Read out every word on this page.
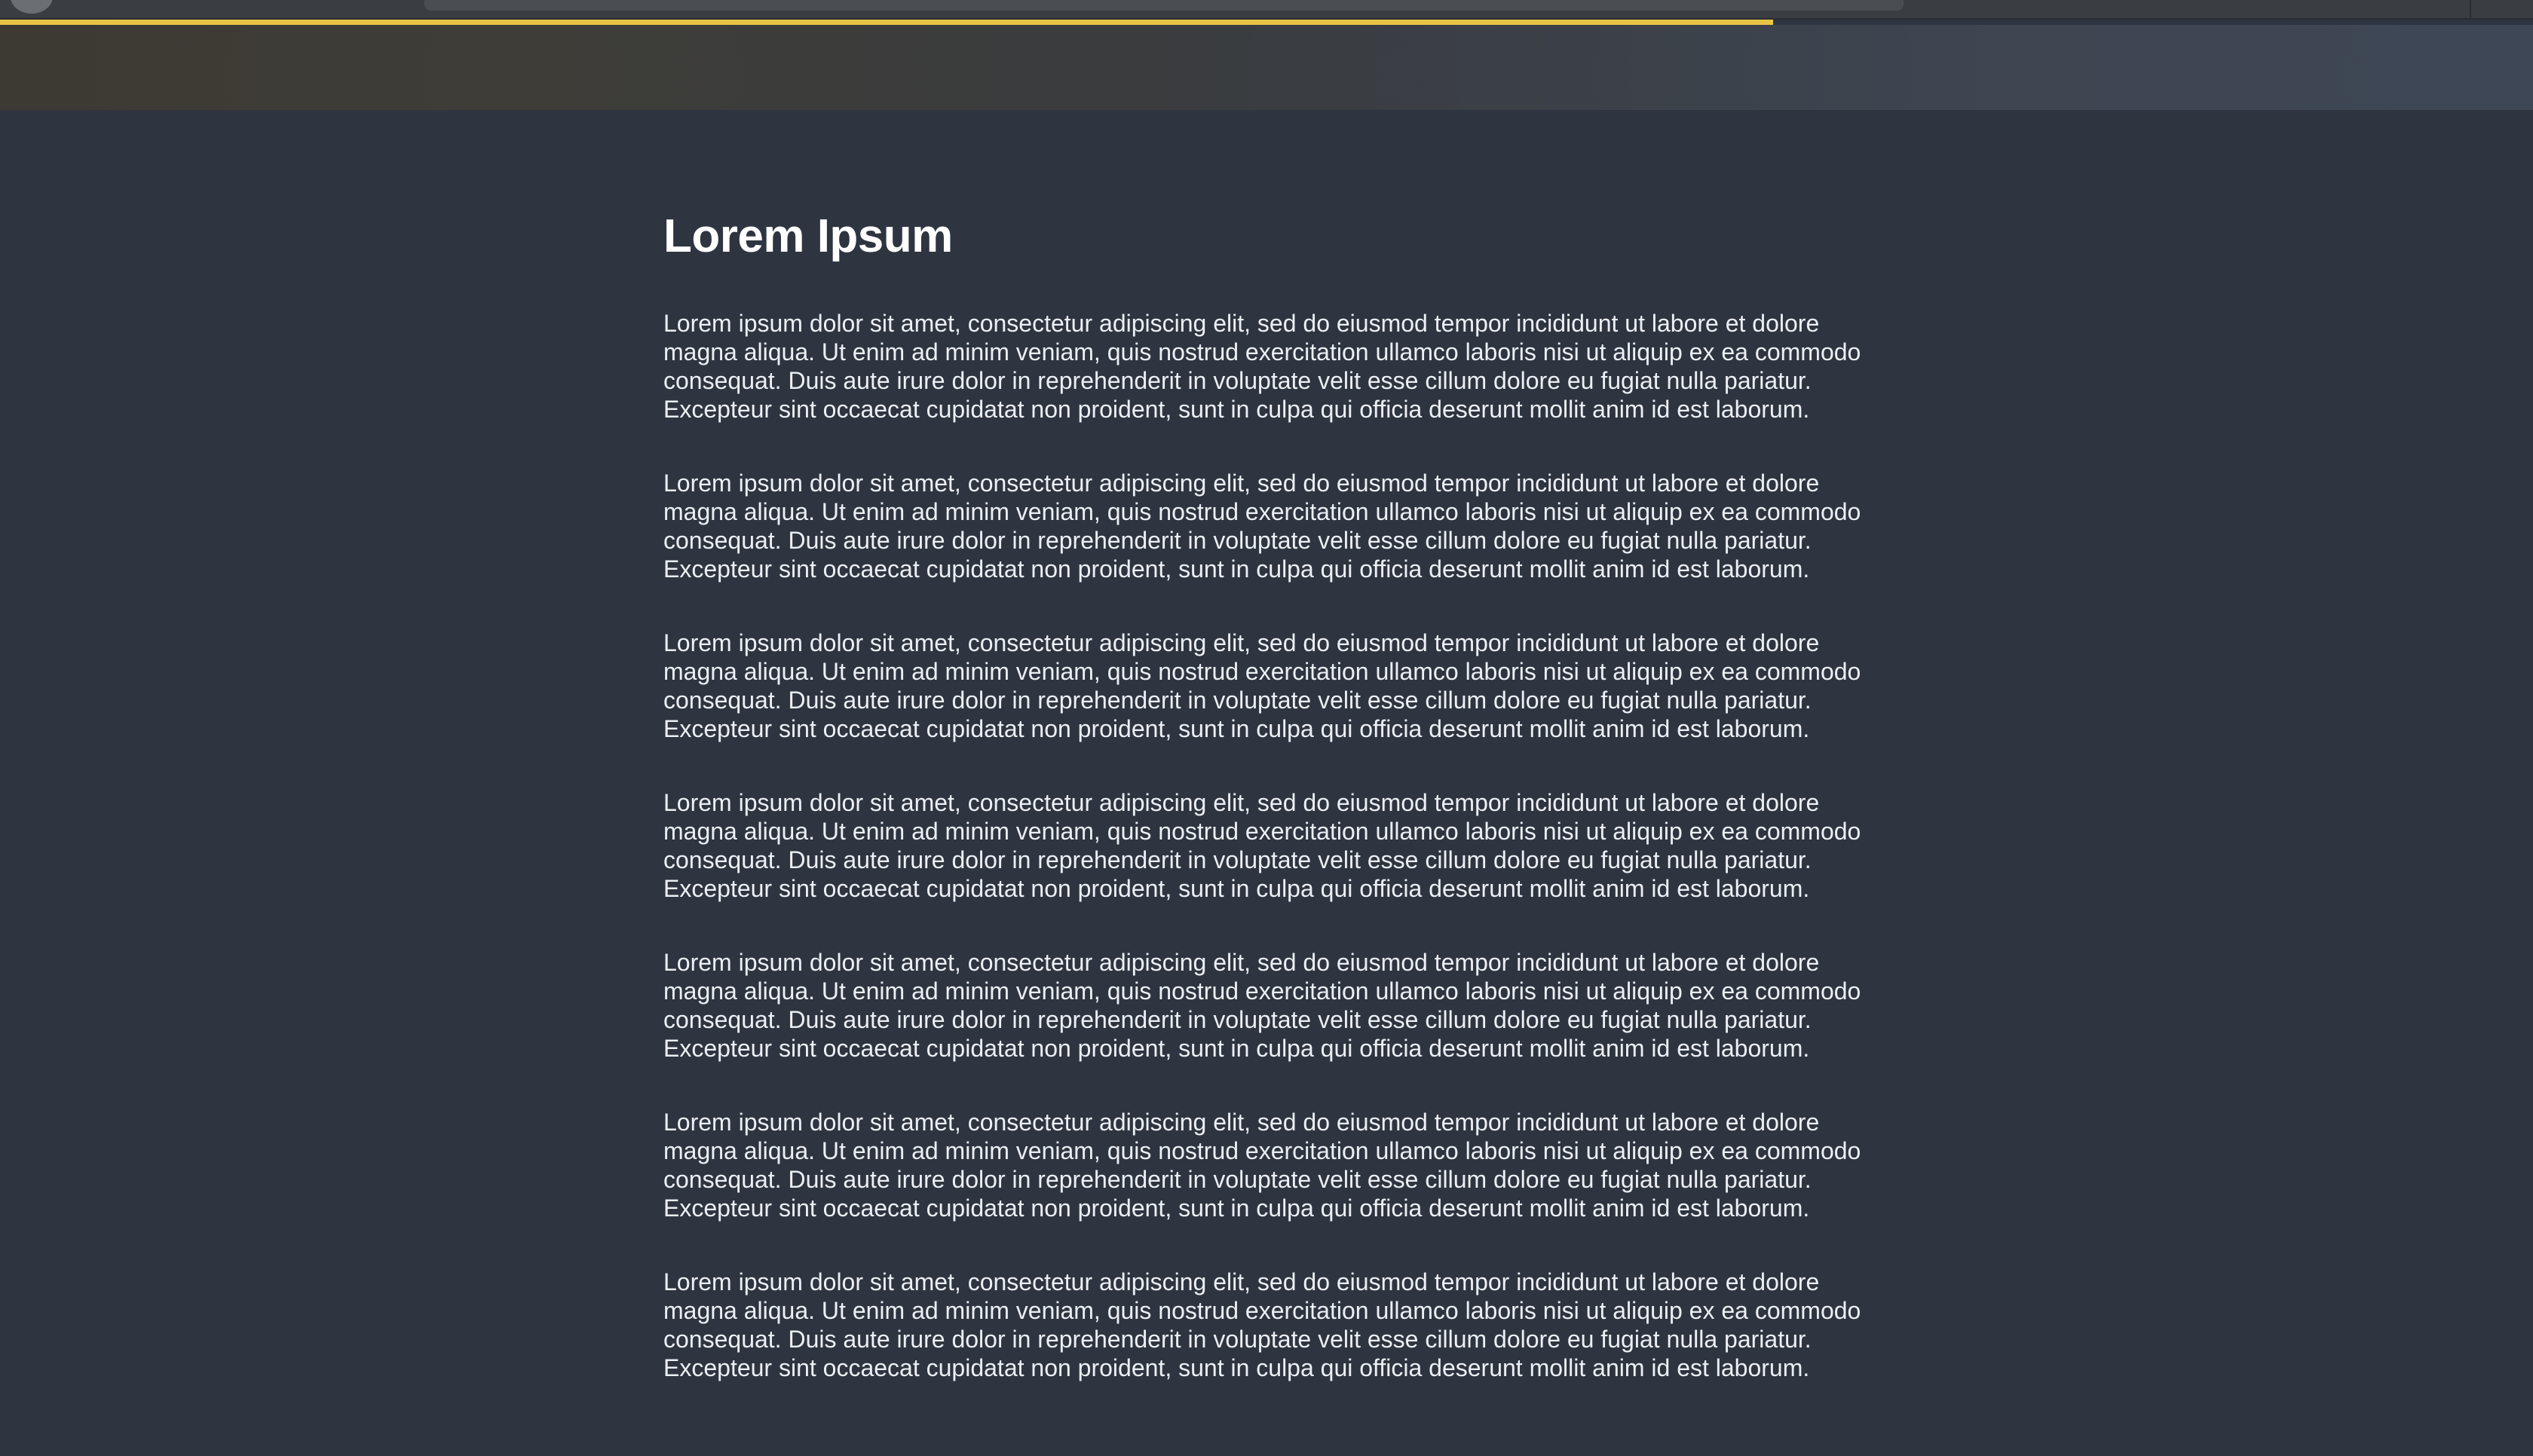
Lorem Ipsum

Lorem ipsum dolor sit amet, consectetur adipiscing elit, sed do eiusmod tempor incididunt ut labore et dolore magna aliqua. Ut enim ad minim veniam, quis nostrud exercitation ullamco laboris nisi ut aliquip ex ea commodo consequat. Duis aute irure dolor in reprehenderit in voluptate velit esse cillum dolore eu fugiat nulla pariatur. Excepteur sint occaecat cupidatat non proident, sunt in culpa qui officia deserunt mollit anim id est laborum.

Lorem ipsum dolor sit amet, consectetur adipiscing elit, sed do eiusmod tempor incididunt ut labore et dolore magna aliqua. Ut enim ad minim veniam, quis nostrud exercitation ullamco laboris nisi ut aliquip ex ea commodo consequat. Duis aute irure dolor in reprehenderit in voluptate velit esse cillum dolore eu fugiat nulla pariatur. Excepteur sint occaecat cupidatat non proident, sunt in culpa qui officia deserunt mollit anim id est laborum.

Lorem ipsum dolor sit amet, consectetur adipiscing elit, sed do eiusmod tempor incididunt ut labore et dolore magna aliqua. Ut enim ad minim veniam, quis nostrud exercitation ullamco laboris nisi ut aliquip ex ea commodo consequat. Duis aute irure dolor in reprehenderit in voluptate velit esse cillum dolore eu fugiat nulla pariatur. Excepteur sint occaecat cupidatat non proident, sunt in culpa qui officia deserunt mollit anim id est laborum.

Lorem ipsum dolor sit amet, consectetur adipiscing elit, sed do eiusmod tempor incididunt ut labore et dolore magna aliqua. Ut enim ad minim veniam, quis nostrud exercitation ullamco laboris nisi ut aliquip ex ea commodo consequat. Duis aute irure dolor in reprehenderit in voluptate velit esse cillum dolore eu fugiat nulla pariatur. Excepteur sint occaecat cupidatat non proident, sunt in culpa qui officia deserunt mollit anim id est laborum.

Lorem ipsum dolor sit amet, consectetur adipiscing elit, sed do eiusmod tempor incididunt ut labore et dolore magna aliqua. Ut enim ad minim veniam, quis nostrud exercitation ullamco laboris nisi ut aliquip ex ea commodo consequat. Duis aute irure dolor in reprehenderit in voluptate velit esse cillum dolore eu fugiat nulla pariatur. Excepteur sint occaecat cupidatat non proident, sunt in culpa qui officia deserunt mollit anim id est laborum.

Lorem ipsum dolor sit amet, consectetur adipiscing elit, sed do eiusmod tempor incididunt ut labore et dolore magna aliqua. Ut enim ad minim veniam, quis nostrud exercitation ullamco laboris nisi ut aliquip ex ea commodo consequat. Duis aute irure dolor in reprehenderit in voluptate velit esse cillum dolore eu fugiat nulla pariatur. Excepteur sint occaecat cupidatat non proident, sunt in culpa qui officia deserunt mollit anim id est laborum.

Lorem ipsum dolor sit amet, consectetur adipiscing elit, sed do eiusmod tempor incididunt ut labore et dolore magna aliqua. Ut enim ad minim veniam, quis nostrud exercitation ullamco laboris nisi ut aliquip ex ea commodo consequat. Duis aute irure dolor in reprehenderit in voluptate velit esse cillum dolore eu fugiat nulla pariatur. Excepteur sint occaecat cupidatat non proident, sunt in culpa qui officia deserunt mollit anim id est laborum.
